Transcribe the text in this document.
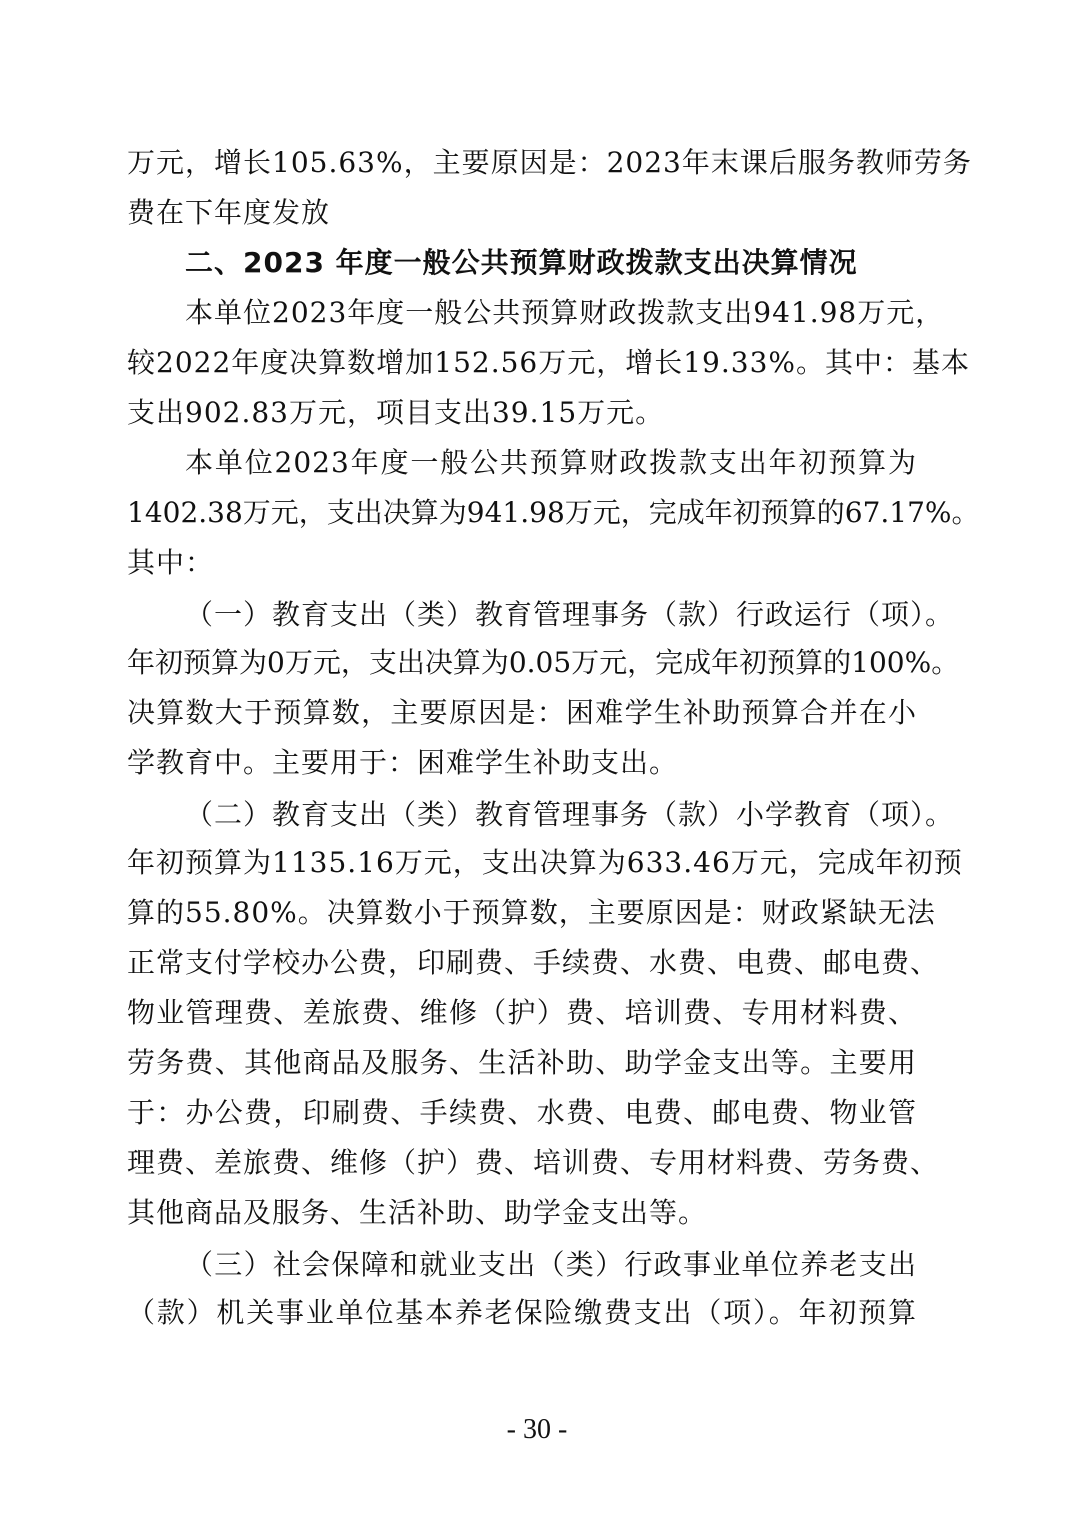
万元，增长105.63%，主要原因是：2023年末课后服务教师劳务
费在下年度发放
二、2023 年度一般公共预算财政拨款支出决算情况
本单位2023年度一般公共预算财政拨款支出941.98万元，
较2022年度决算数增加152.56万元，增长19.33%。其中：基本
支出902.83万元，项目支出39.15万元。
本单位2023年度一般公共预算财政拨款支出年初预算为
1402.38万元，支出决算为941.98万元，完成年初预算的67.17%。
其中：
（一）教育支出（类）教育管理事务（款）行政运行（项）。
年初预算为0万元，支出决算为0.05万元，完成年初预算的100%。
决算数大于预算数，主要原因是：困难学生补助预算合并在小
学教育中。主要用于：困难学生补助支出。
（二）教育支出（类）教育管理事务（款）小学教育（项）。
年初预算为1135.16万元，支出决算为633.46万元，完成年初预
算的55.80%。决算数小于预算数，主要原因是：财政紧缺无法
正常支付学校办公费，印刷费、手续费、水费、电费、邮电费、
物业管理费、差旅费、维修（护）费、培训费、专用材料费、
劳务费、其他商品及服务、生活补助、助学金支出等。主要用
于：办公费，印刷费、手续费、水费、电费、邮电费、物业管
理费、差旅费、维修（护）费、培训费、专用材料费、劳务费、
其他商品及服务、生活补助、助学金支出等。
（三）社会保障和就业支出（类）行政事业单位养老支出
（款）机关事业单位基本养老保险缴费支出（项）。年初预算
- 30 -
